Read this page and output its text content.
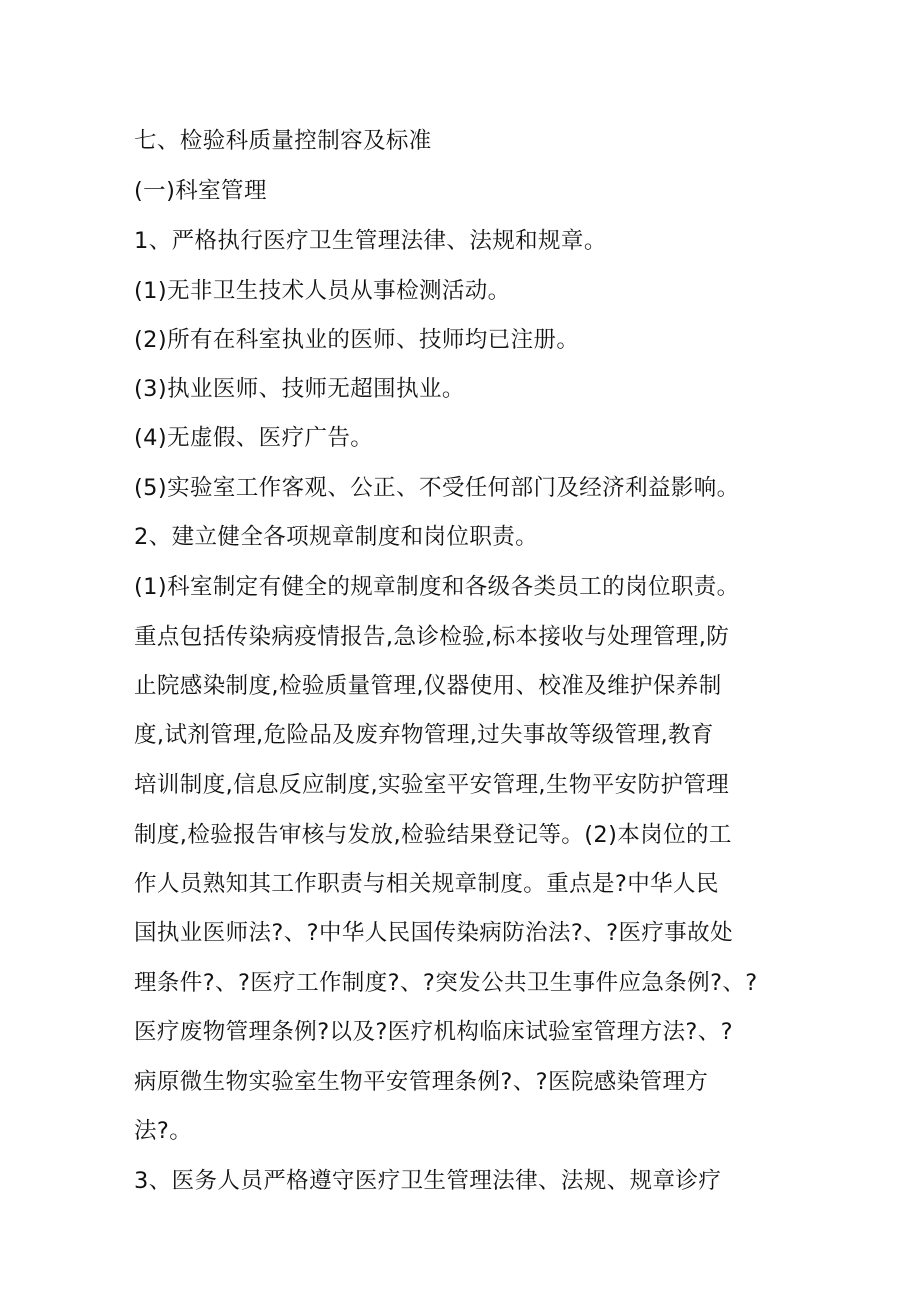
七、检验科质量控制容及标准

(一)科室管理

1、严格执行医疗卫生管理法律、法规和规章。

(1)无非卫生技术人员从事检测活动。

(2)所有在科室执业的医师、技师均已注册。

(3)执业医师、技师无超围执业。

(4)无虚假、医疗广告。

(5)实验室工作客观、公正、不受任何部门及经济利益影响。

2、建立健全各项规章制度和岗位职责。

(1)科室制定有健全的规章制度和各级各类员工的岗位职责。

重点包括传染病疫情报告,急诊检验,标本接收与处理管理,防

止院感染制度,检验质量管理,仪器使用、校准及维护保养制

度,试剂管理,危险品及废弃物管理,过失事故等级管理,教育

培训制度,信息反应制度,实验室平安管理,生物平安防护管理

制度,检验报告审核与发放,检验结果登记等。(2)本岗位的工

作人员熟知其工作职责与相关规章制度。重点是?中华人民

国执业医师法?、?中华人民国传染病防治法?、?医疗事故处

理条件?、?医疗工作制度?、?突发公共卫生事件应急条例?、?

医疗废物管理条例?以及?医疗机构临床试验室管理方法?、?

病原微生物实验室生物平安管理条例?、?医院感染管理方

法?。

3、医务人员严格遵守医疗卫生管理法律、法规、规章诊疗
